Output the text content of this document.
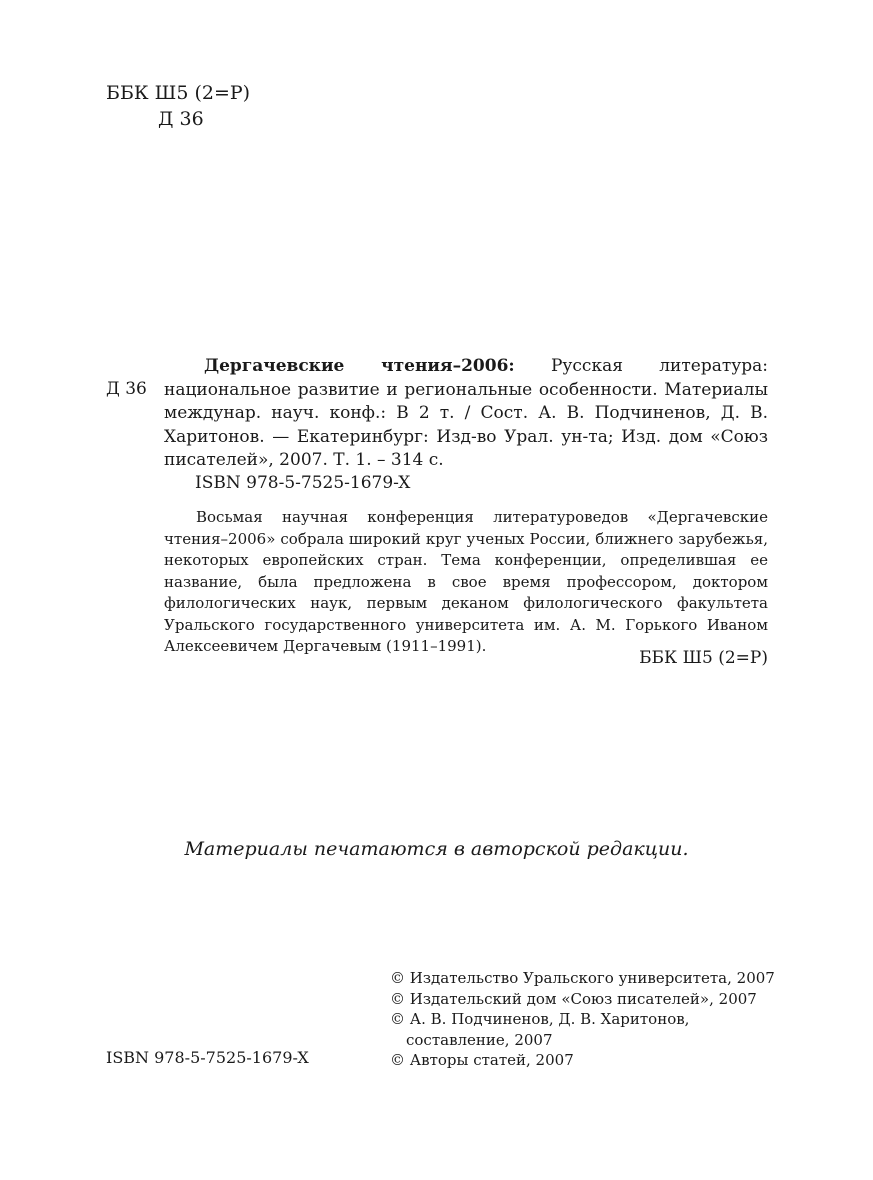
ББК Ш5 (2=Р)
Д 36
Д 36
Дергачевские чтения–2006: Русская литература: национальное развитие и региональные особенности. Материалы междунар. науч. конф.: В 2 т. / Сост. А. В. Подчиненов, Д. В. Харитонов. — Екатеринбург: Изд-во Урал. ун-та; Изд. дом «Союз писателей», 2007. Т. 1. – 314 с.
ISBN 978-5-7525-1679-X
Восьмая научная конференция литературоведов «Дергачевские чтения–2006» собрала широкий круг ученых России, ближнего зарубежья, некоторых европейских стран. Тема конференции, определившая ее название, была предложена в свое время профессором, доктором филологических наук, первым деканом филологического факультета Уральского государственного университета им. А. М. Горького Иваном Алексеевичем Дергачевым (1911–1991).
ББК Ш5 (2=Р)
Материалы печатаются в авторской редакции.
© Издательство Уральского университета, 2007
© Издательский дом «Союз писателей», 2007
© А. В. Подчиненов, Д. В. Харитонов,
составление, 2007
© Авторы статей, 2007
ISBN 978-5-7525-1679-X
